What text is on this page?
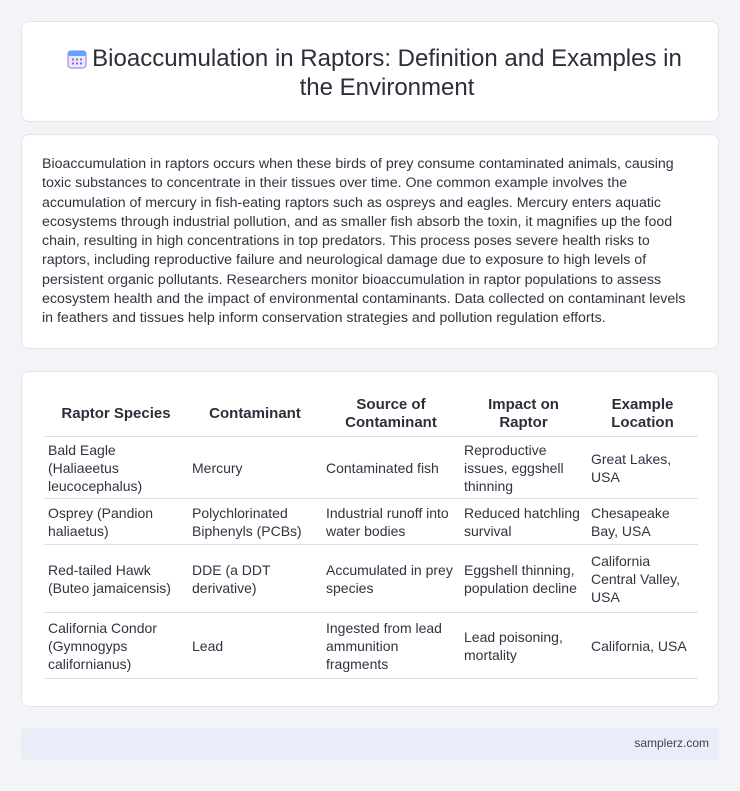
Bioaccumulation in Raptors: Definition and Examples in the Environment

Bioaccumulation in raptors occurs when these birds of prey consume contaminated animals, causing toxic substances to concentrate in their tissues over time. One common example involves the accumulation of mercury in fish-eating raptors such as ospreys and eagles. Mercury enters aquatic ecosystems through industrial pollution, and as smaller fish absorb the toxin, it magnifies up the food chain, resulting in high concentrations in top predators. This process poses severe health risks to raptors, including reproductive failure and neurological damage due to exposure to high levels of persistent organic pollutants. Researchers monitor bioaccumulation in raptor populations to assess ecosystem health and the impact of environmental contaminants. Data collected on contaminant levels in feathers and tissues help inform conservation strategies and pollution regulation efforts.

Raptor Species	Contaminant	Source of Contaminant	Impact on Raptor	Example Location
Bald Eagle (Haliaeetus leucocephalus)	Mercury	Contaminated fish	Reproductive issues, eggshell thinning	Great Lakes, USA
Osprey (Pandion haliaetus)	Polychlorinated Biphenyls (PCBs)	Industrial runoff into water bodies	Reduced hatchling survival	Chesapeake Bay, USA
Red-tailed Hawk (Buteo jamaicensis)	DDE (a DDT derivative)	Accumulated in prey species	Eggshell thinning, population decline	California Central Valley, USA
California Condor (Gymnogyps californianus)	Lead	Ingested from lead ammunition fragments	Lead poisoning, mortality	California, USA
samplerz.com
